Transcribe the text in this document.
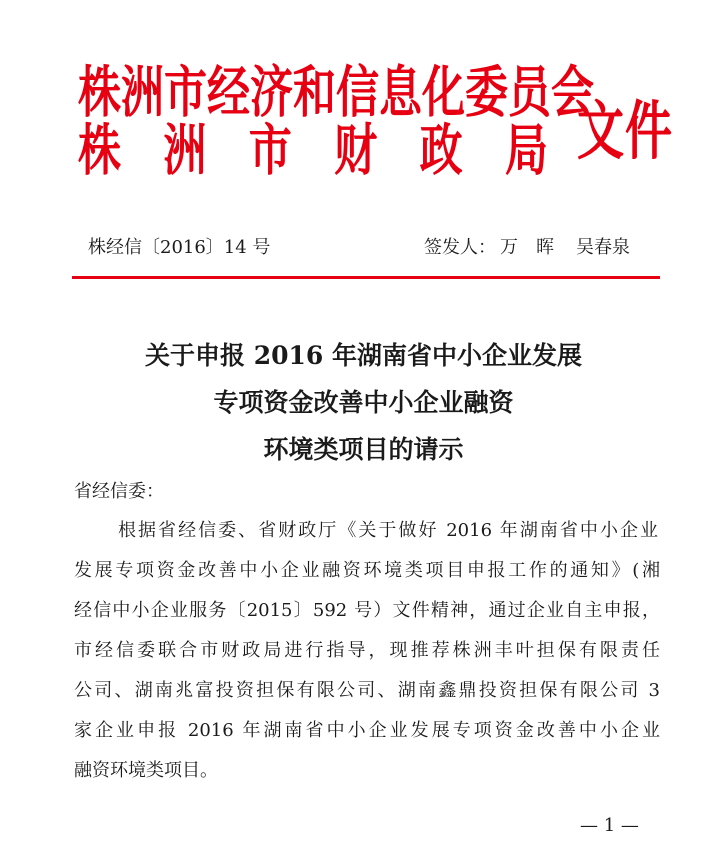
株 洲 市 经 济 和 信 息 化 委 员 会
株 洲 市 财 政 局 文件
株经信〔2016〕14 号	签发人： 万　晖 吴春泉
关于申报 2016 年湖南省中小企业发展
专项资金改善中小企业融资
环境类项目的请示
省经信委：
根据省经信委、省财政厅《关于做好 2016 年湖南省中小企业
发展专项资金改善中小企业融资环境类项目申报工作的通知》(湘
经信中小企业服务〔2015〕592 号）文件精神，通过企业自主申报，
市经信委联合市财政局进行指导，现推荐株洲丰叶担保有限责任
公司、湖南兆富投资担保有限公司、湖南鑫鼎投资担保有限公司 3
家企业申报 2016 年湖南省中小企业发展专项资金改善中小企业
融资环境类项目。
— 1 —
